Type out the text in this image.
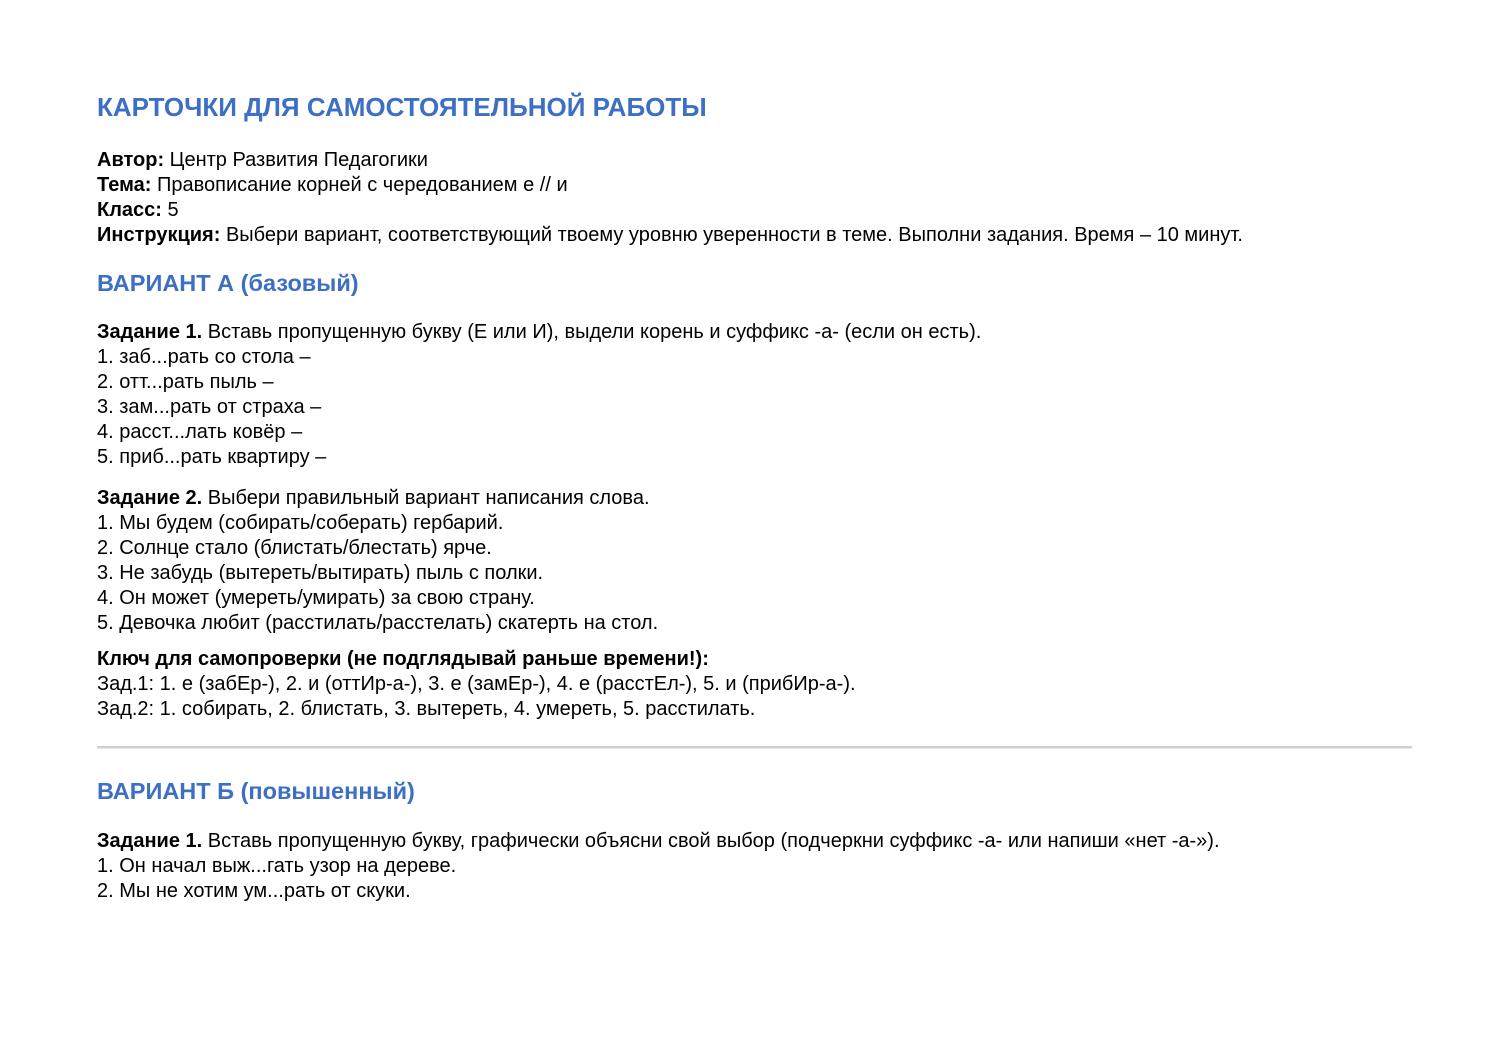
КАРТОЧКИ ДЛЯ САМОСТОЯТЕЛЬНОЙ РАБОТЫ
Автор: Центр Развития Педагогики
Тема: Правописание корней с чередованием е // и
Класс: 5
Инструкция: Выбери вариант, соответствующий твоему уровню уверенности в теме. Выполни задания. Время – 10 минут.
ВАРИАНТ А (базовый)
Задание 1. Вставь пропущенную букву (Е или И), выдели корень и суффикс -а- (если он есть).
1. заб...рать со стола –
2. отт...рать пыль –
3. зам...рать от страха –
4. расст...лать ковёр –
5. приб...рать квартиру –
Задание 2. Выбери правильный вариант написания слова.
1. Мы будем (собирать/соберать) гербарий.
2. Солнце стало (блистать/блестать) ярче.
3. Не забудь (вытереть/вытирать) пыль с полки.
4. Он может (умереть/умирать) за свою страну.
5. Девочка любит (расстилать/расстелать) скатерть на стол.
Ключ для самопроверки (не подглядывай раньше времени!):
Зад.1: 1. е (забЕр-), 2. и (оттИр-а-), 3. е (замЕр-), 4. е (расстЕл-), 5. и (прибИр-а-).
Зад.2: 1. собирать, 2. блистать, 3. вытереть, 4. умереть, 5. расстилать.
ВАРИАНТ Б (повышенный)
Задание 1. Вставь пропущенную букву, графически объясни свой выбор (подчеркни суффикс -а- или напиши «нет -а-»).
1. Он начал выж...гать узор на дереве.
2. Мы не хотим ум...рать от скуки.
